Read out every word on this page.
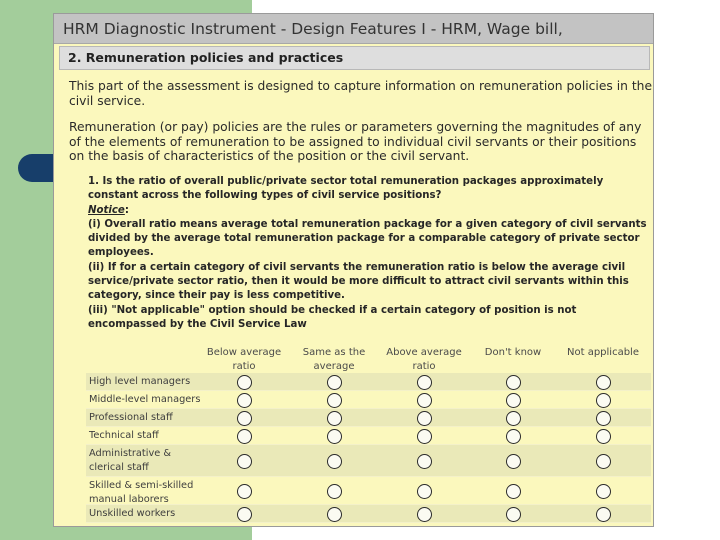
HRM Diagnostic Instrument - Design Features I - HRM, Wage bill,
2. Remuneration policies and practices
This part of the assessment is designed to capture information on remuneration policies in the civil service.
Remuneration (or pay) policies are the rules or parameters governing the magnitudes of any of the elements of remuneration to be assigned to individual civil servants or their positions on the basis of characteristics of the position or the civil servant.

1. Is the ratio of overall public/private sector total remuneration packages approximately constant across the following types of civil service positions?

Notice:

(i) Overall ratio means average total remuneration package for a given category of civil servants divided by the average total remuneration package for a comparable category of private sector employees.

(ii) If for a certain category of civil servants the remuneration ratio is below the average civil service/private sector ratio, then it would be more difficult to attract civil servants within this category, since their pay is less competitive.

(iii) "Not applicable" option should be checked if a certain category of position is not encompassed by the Civil Service Law

Below average ratio
Same as the average
Above average ratio
Don't know	Not applicable
High level managers
Middle-level managers
Professional staff
Technical staff
Administrative & clerical staff
Skilled & semi-skilled manual laborers
Unskilled workers
